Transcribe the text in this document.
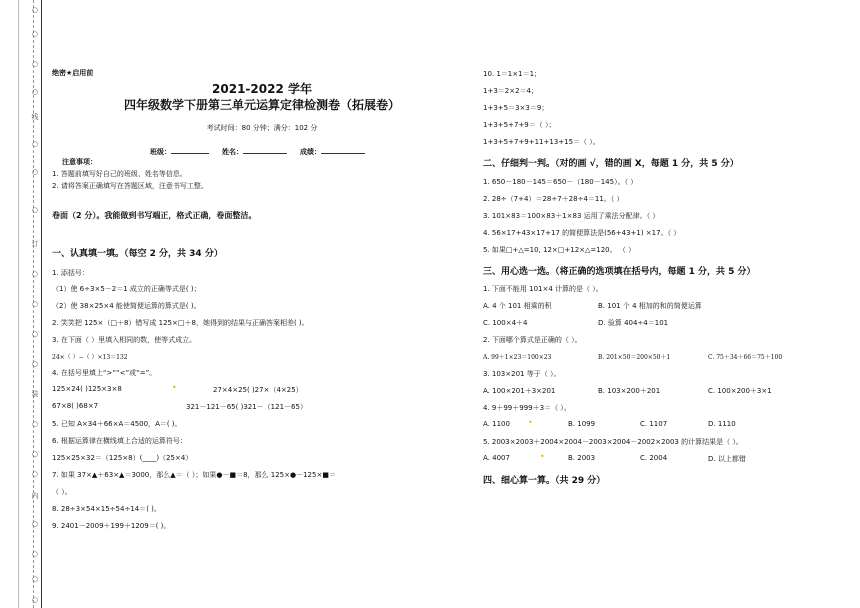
○
○
○
○
线
○
○
○
订
○
○
○
○
装
○
○
○
内
○
○
○
○
绝密★启用前
2021-2022 学年
四年级数学下册第三单元运算定律检测卷（拓展卷）
考试时间：80 分钟；满分：102 分
班级：	姓名：	成绩：
注意事项：
1. 答题前填写好自己的班级、姓名等信息。
2. 请将答案正确填写在答题区域，注意书写工整。
卷面（2 分）。我能做到书写端正，格式正确，卷面整洁。
一、认真填一填。（每空 2 分，共 34 分）
1. 添括号：
（1）使 6÷3×5－2＝1 成立的正确等式是( )；
（2）使 38×25×4 能使简便运算的算式是( )。
2. 笑笑把 125×（□＋8）错写成 125×□＋8，她得到的结果与正确答案相差( )。
3. 在下面（ ）里填入相同的数，使等式成立。
24×（ ）−（ ）×13＝132
4. 在括号里填上“>”“<”或“=”。
125×24( )125×3×8	•	27×4×25( )27×（4×25）
67×8( )68×7	321－121－65( )321－（121－65）
5. 已知 A×34＋66×A＝4500，A＝( )。
6. 根据运算律在横线填上合适的运算符号：
125×25×32＝（125×8）(____)（25×4）
7. 如果 37×▲＋63×▲＝3000，那么▲＝（ ）；如果●－■＝8，那么 125×●－125×■＝
（ ）。
8. 28÷3×54×15÷54÷14＝( )。
9. 2401－2009＋199＋1209＝( )。
10. 1＝1×1＝1；
1+3＝2×2＝4；
1+3+5＝3×3＝9；
1+3+5+7+9＝（ ）；
1+3+5+7+9+11+13+15＝（ ）。
二、仔细判一判。（对的画 √，错的画 X，每题 1 分，共 5 分）
1. 650－180－145＝650－（180－145）。（ ）
2. 28÷（7+4）＝28÷7＋28÷4＝11。（ ）
3. 101×83＝100×83＋1×83 运用了乘法分配律。（ ）
4. 56×17+43×17+17 的简便算法是(56+43+1) ×17。（ ）
5. 如果□+△=10, 12×□+12×△=120。 （ ）
三、用心选一选。（将正确的选项填在括号内，每题 1 分，共 5 分）
1. 下面不能用 101×4 计算的是（ ）。
A. 4 个 101 相乘的积	B. 101 个 4 相加的和的简便运算
C. 100×4＋4	D. 验算 404÷4＝101
2. 下面哪个算式是正确的（ ）。
A. 99＋1×23＝100×23	B. 201×50＝200×50＋1	C. 75＋34＋66＝75＋100
3. 103×201 等于（ ）。
A. 100×201＋3×201	B. 103×200＋201	C. 100×200＋3×1
4. 9＋99＋999＋3＝（ ）。
A. 1100 •	B. 1099	C. 1107	D. 1110
5. 2003×2003＋2004×2004－2003×2004－2002×2003 的计算结果是（ ）。
A. 4007	•	B. 2003	C. 2004	D. 以上都错
四、细心算一算。（共 29 分）
